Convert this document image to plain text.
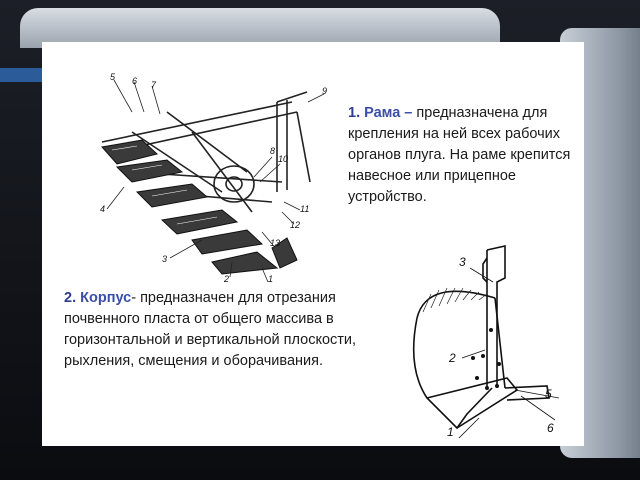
5 6 7
9
8
10
11
12
13
4
3
2	1
1. Рама – предназначена для крепления на ней всех рабочих органов плуга. На раме крепится навесное или прицепное устройство.
2. Корпус- предназначен для отрезания почвенного пласта от общего массива в горизонтальной и вертикальной плоскости, рыхления, смещения и оборачивания.
3
2
5
6
1
